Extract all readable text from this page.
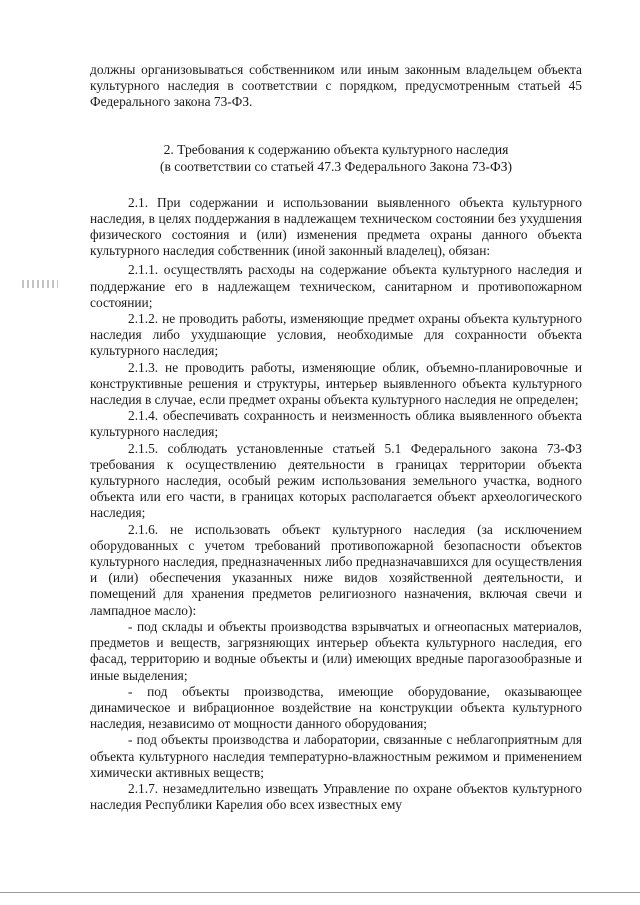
должны организовываться собственником или иным законным владельцем объекта культурного наследия в соответствии с порядком, предусмотренным статьей 45 Федерального закона 73-ФЗ.

2. Требования к содержанию объекта культурного наследия
(в соответствии со статьей 47.3 Федерального Закона 73-ФЗ)

2.1. При содержании и использовании выявленного объекта культурного наследия, в целях поддержания в надлежащем техническом состоянии без ухудшения физического состояния и (или) изменения предмета охраны данного объекта культурного наследия собственник (иной законный владелец), обязан:

2.1.1. осуществлять расходы на содержание объекта культурного наследия и поддержание его в надлежащем техническом, санитарном и противопожарном состоянии;

2.1.2. не проводить работы, изменяющие предмет охраны объекта культурного наследия либо ухудшающие условия, необходимые для сохранности объекта культурного наследия;

2.1.3. не проводить работы, изменяющие облик, объемно-планировочные и конструктивные решения и структуры, интерьер выявленного объекта культурного наследия в случае, если предмет охраны объекта культурного наследия не определен;

2.1.4. обеспечивать сохранность и неизменность облика выявленного объекта культурного наследия;

2.1.5. соблюдать установленные статьей 5.1 Федерального закона 73-ФЗ требования к осуществлению деятельности в границах территории объекта культурного наследия, особый режим использования земельного участка, водного объекта или его части, в границах которых располагается объект археологического наследия;

2.1.6. не использовать объект культурного наследия (за исключением оборудованных с учетом требований противопожарной безопасности объектов культурного наследия, предназначенных либо предназначавшихся для осуществления и (или) обеспечения указанных ниже видов хозяйственной деятельности, и помещений для хранения предметов религиозного назначения, включая свечи и лампадное масло):

- под склады и объекты производства взрывчатых и огнеопасных материалов, предметов и веществ, загрязняющих интерьер объекта культурного наследия, его фасад, территорию и водные объекты и (или) имеющих вредные парогазообразные и иные выделения;

- под объекты производства, имеющие оборудование, оказывающее динамическое и вибрационное воздействие на конструкции объекта культурного наследия, независимо от мощности данного оборудования;

- под объекты производства и лаборатории, связанные с неблагоприятным для объекта культурного наследия температурно-влажностным режимом и применением химически активных веществ;

2.1.7. незамедлительно извещать Управление по охране объектов культурного наследия Республики Карелия обо всех известных ему
